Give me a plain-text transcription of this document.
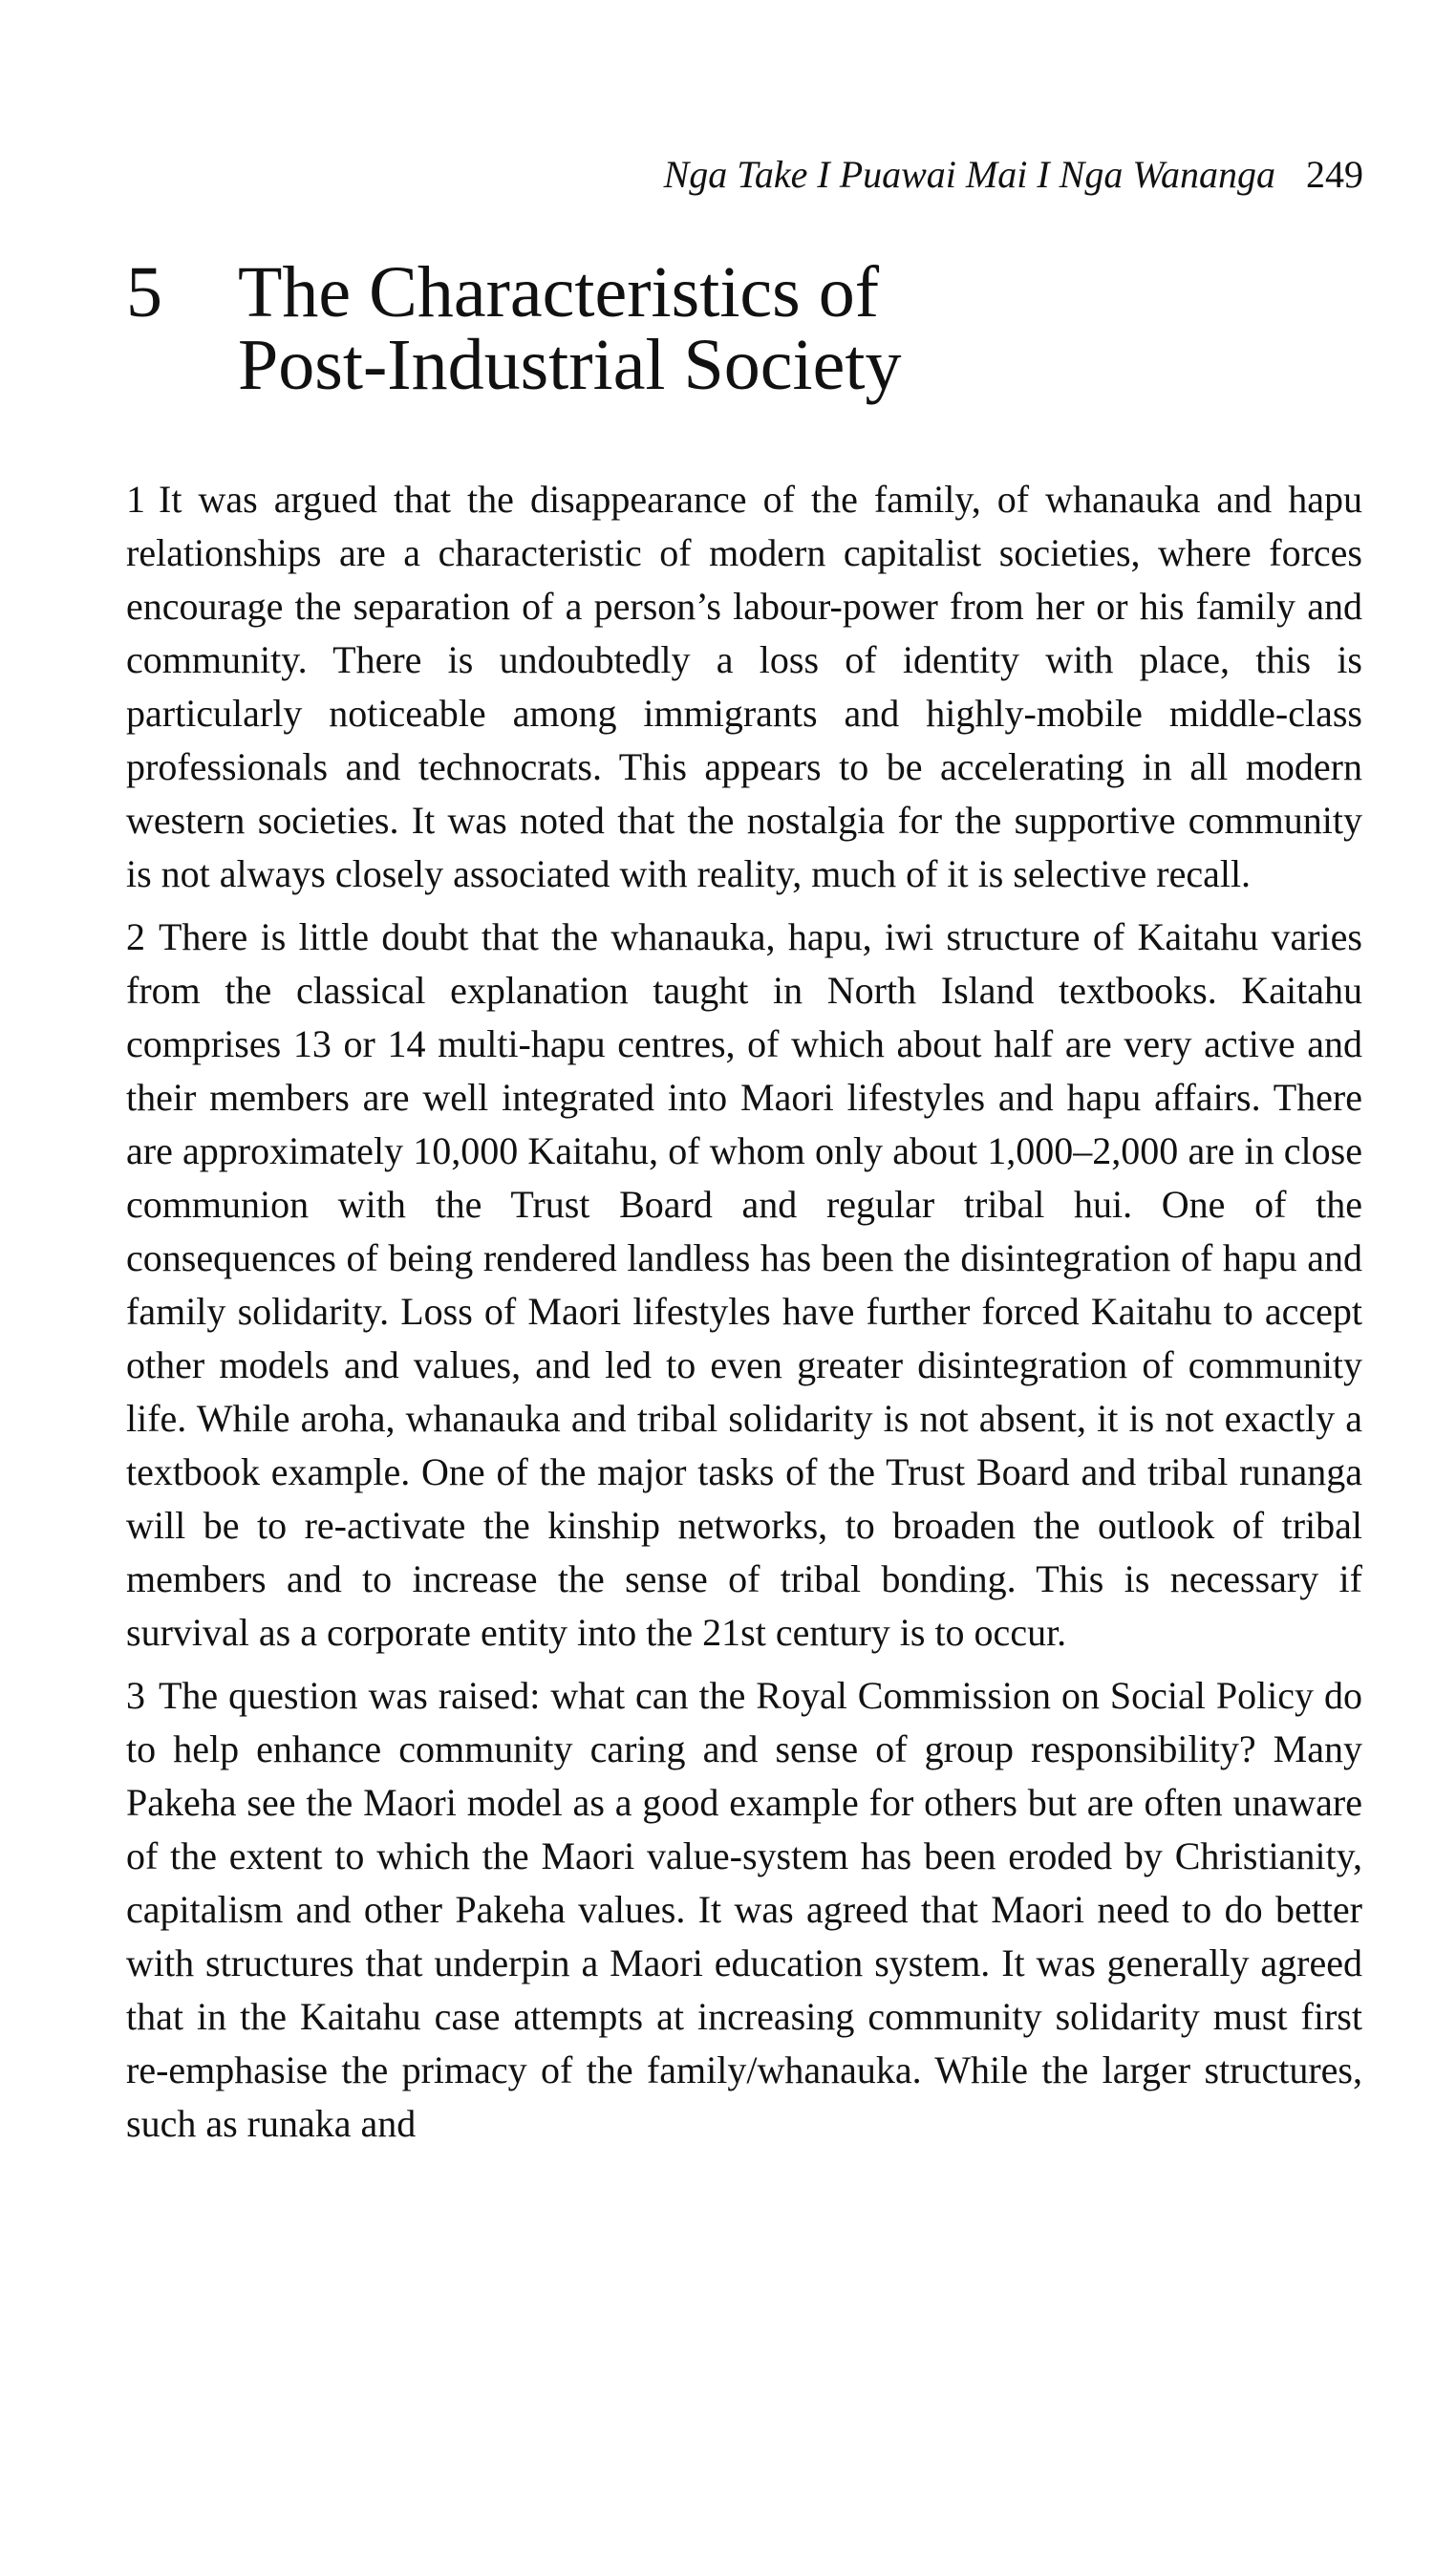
Nga Take I Puawai Mai I Nga Wananga 249
5 The Characteristics of
Post-Industrial Society

1 It was argued that the disappearance of the family, of whanauka and hapu relationships are a characteristic of modern capitalist societies, where forces encourage the separation of a person’s labour-power from her or his family and community. There is undoubtedly a loss of identity with place, this is particularly noticeable among immigrants and highly-mobile middle-class professionals and technocrats. This appears to be accelerating in all modern western societies. It was noted that the nostalgia for the supportive community is not always closely associated with reality, much of it is selective recall.

2 There is little doubt that the whanauka, hapu, iwi structure of Kaitahu varies from the classical explanation taught in North Island textbooks. Kaitahu comprises 13 or 14 multi-hapu centres, of which about half are very active and their members are well integrated into Maori lifestyles and hapu affairs. There are approximately 10,000 Kaitahu, of whom only about 1,000–2,000 are in close communion with the Trust Board and regular tribal hui. One of the consequences of being rendered landless has been the disintegration of hapu and family solidarity. Loss of Maori lifestyles have further forced Kaitahu to accept other models and values, and led to even greater disintegration of community life. While aroha, whanauka and tribal solidarity is not absent, it is not exactly a textbook example. One of the major tasks of the Trust Board and tribal runanga will be to re-activate the kinship networks, to broaden the outlook of tribal members and to increase the sense of tribal bonding. This is necessary if survival as a corporate entity into the 21st century is to occur.

3 The question was raised: what can the Royal Commission on Social Policy do to help enhance community caring and sense of group responsibility? Many Pakeha see the Maori model as a good example for others but are often unaware of the extent to which the Maori value-system has been eroded by Christianity, capitalism and other Pakeha values. It was agreed that Maori need to do better with structures that underpin a Maori education system. It was generally agreed that in the Kaitahu case attempts at increasing community solidarity must first re-emphasise the primacy of the family/whanauka. While the larger structures, such as runaka and
